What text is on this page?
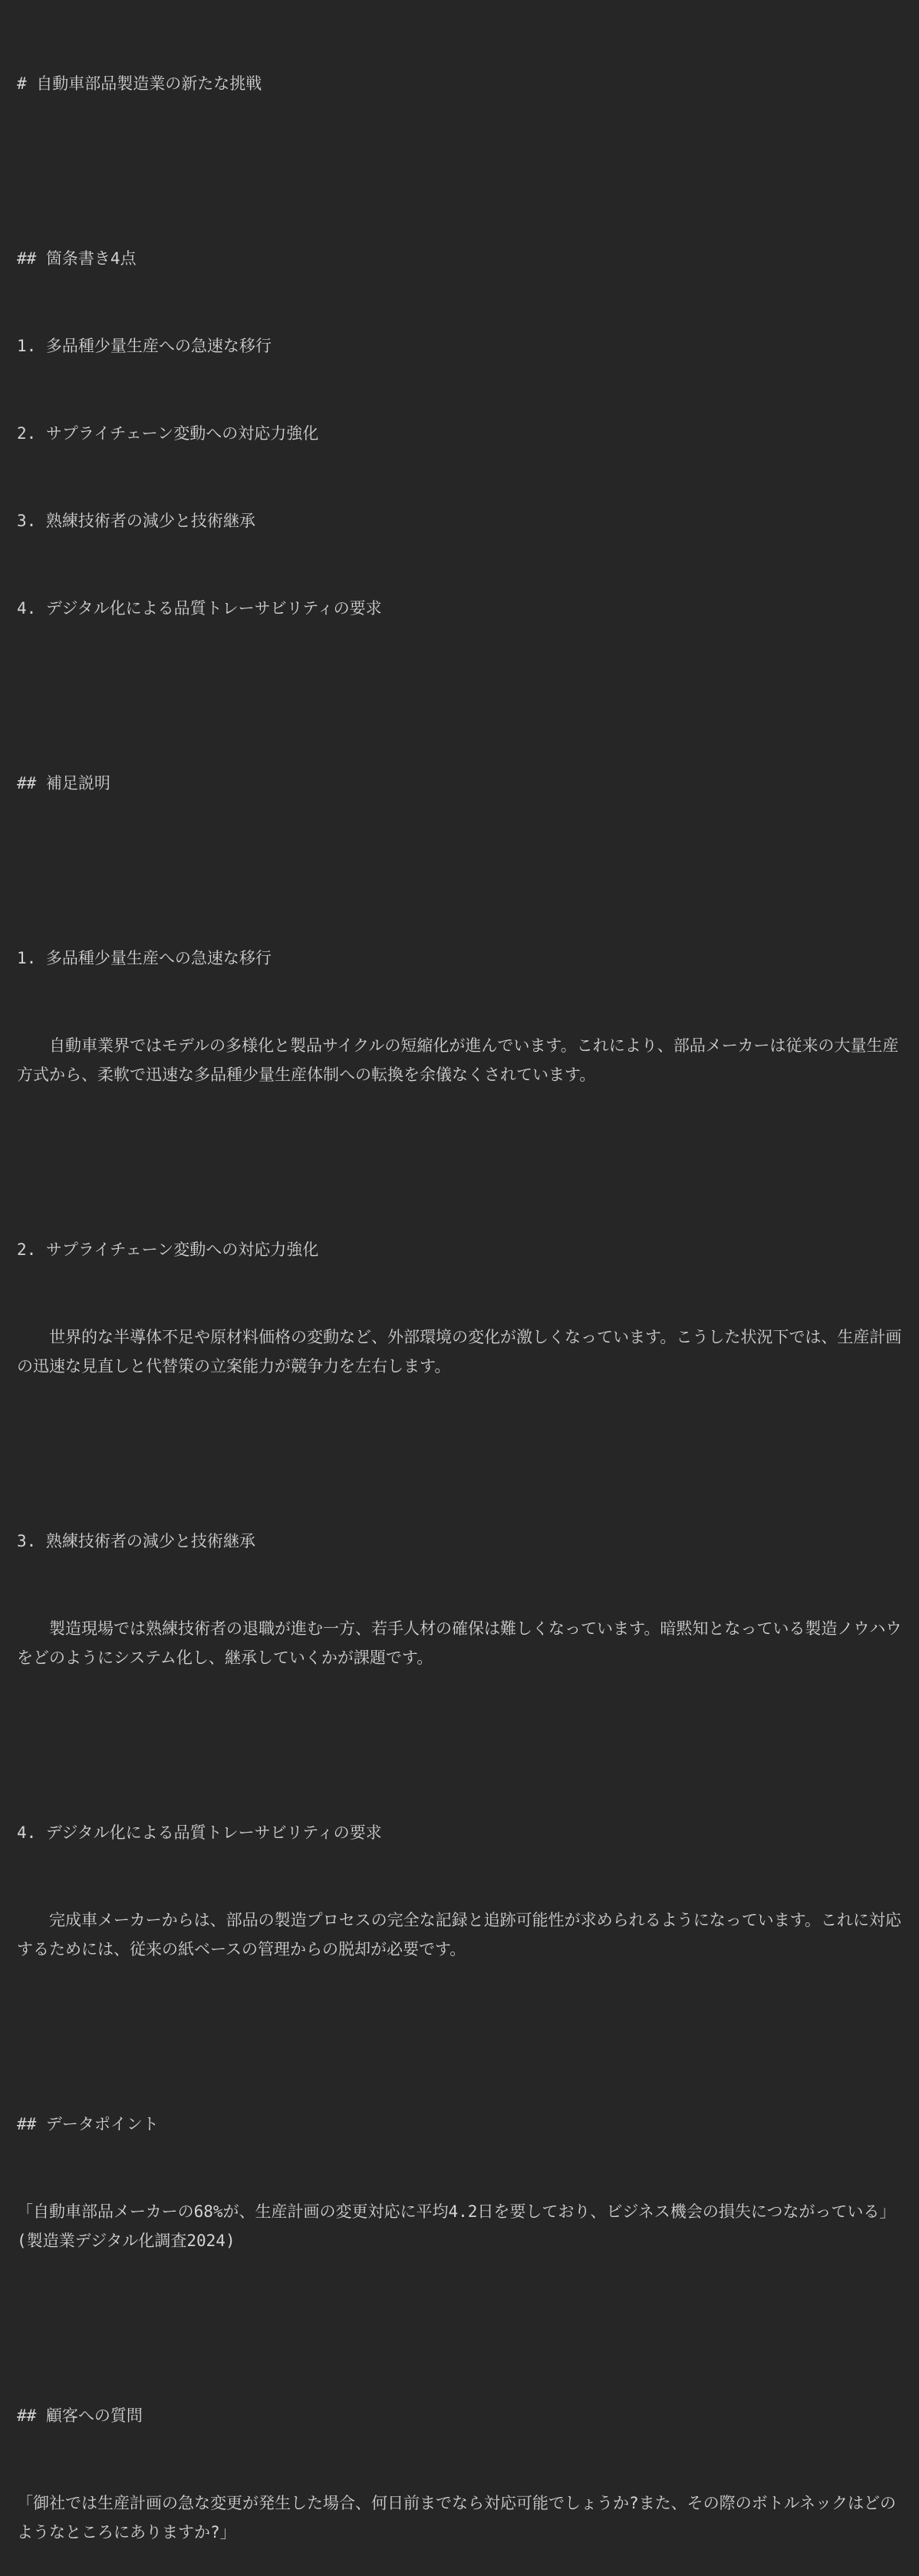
# 自動車部品製造業の新たな挑戦

## 箇条書き4点

1. 多品種少量生産への急速な移行

2. サプライチェーン変動への対応力強化

3. 熟練技術者の減少と技術継承

4. デジタル化による品質トレーサビリティの要求

## 補足説明

1. 多品種少量生産への急速な移行

自動車業界ではモデルの多様化と製品サイクルの短縮化が進んでいます。これにより、部品メーカーは従来の大量生産方式から、柔軟で迅速な多品種少量生産体制への転換を余儀なくされています。

2. サプライチェーン変動への対応力強化

世界的な半導体不足や原材料価格の変動など、外部環境の変化が激しくなっています。こうした状況下では、生産計画の迅速な見直しと代替策の立案能力が競争力を左右します。

3. 熟練技術者の減少と技術継承

製造現場では熟練技術者の退職が進む一方、若手人材の確保は難しくなっています。暗黙知となっている製造ノウハウをどのようにシステム化し、継承していくかが課題です。

4. デジタル化による品質トレーサビリティの要求

完成車メーカーからは、部品の製造プロセスの完全な記録と追跡可能性が求められるようになっています。これに対応するためには、従来の紙ベースの管理からの脱却が必要です。

## データポイント

「自動車部品メーカーの68%が、生産計画の変更対応に平均4.2日を要しており、ビジネス機会の損失につながっている」(製造業デジタル化調査2024)

## 顧客への質問

「御社では生産計画の急な変更が発生した場合、何日前までなら対応可能でしょうか?また、その際のボトルネックはどのようなところにありますか?」
